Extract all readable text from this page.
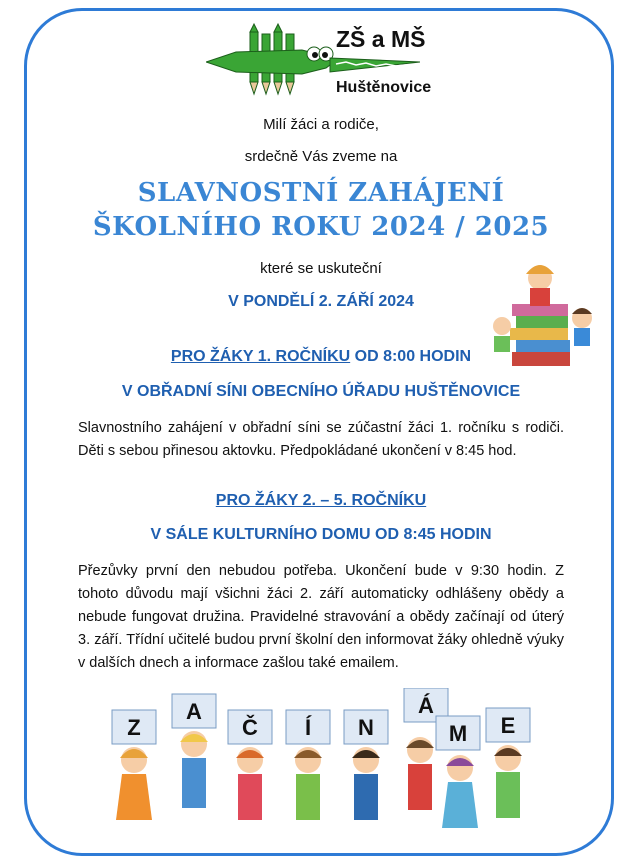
ZŠ a MŠ
Huštěnovice
Milí žáci a rodiče,
srdečně Vás zveme na
SLAVNOSTNÍ ZAHÁJENÍ
ŠKOLNÍHO ROKU 2024 / 2025
které se uskuteční
V PONDĚLÍ 2. ZÁŘÍ 2024
PRO ŽÁKY 1. ROČNÍKU OD 8:00 HODIN
V OBŘADNÍ SÍNI OBECNÍHO ÚŘADU HUŠTĚNOVICE
Slavnostního zahájení v obřadní síni se zúčastní žáci 1. ročníku s rodiči. Děti s sebou přinesou aktovku. Předpokládané ukončení v 8:45 hod.
PRO ŽÁKY 2. – 5. ROČNÍKU
V SÁLE KULTURNÍHO DOMU OD 8:45 HODIN
Přezůvky první den nebudou potřeba. Ukončení bude v 9:30 hodin. Z tohoto důvodu mají všichni žáci 2. září automaticky odhlášeny obědy a nebude fungovat družina. Pravidelné stravování a obědy začínají od úterý 3. září. Třídní učitelé budou první školní den informovat žáky ohledně výuky v dalších dnech a informace zašlou také emailem.
Z
A
Č Í N
Á
M E
